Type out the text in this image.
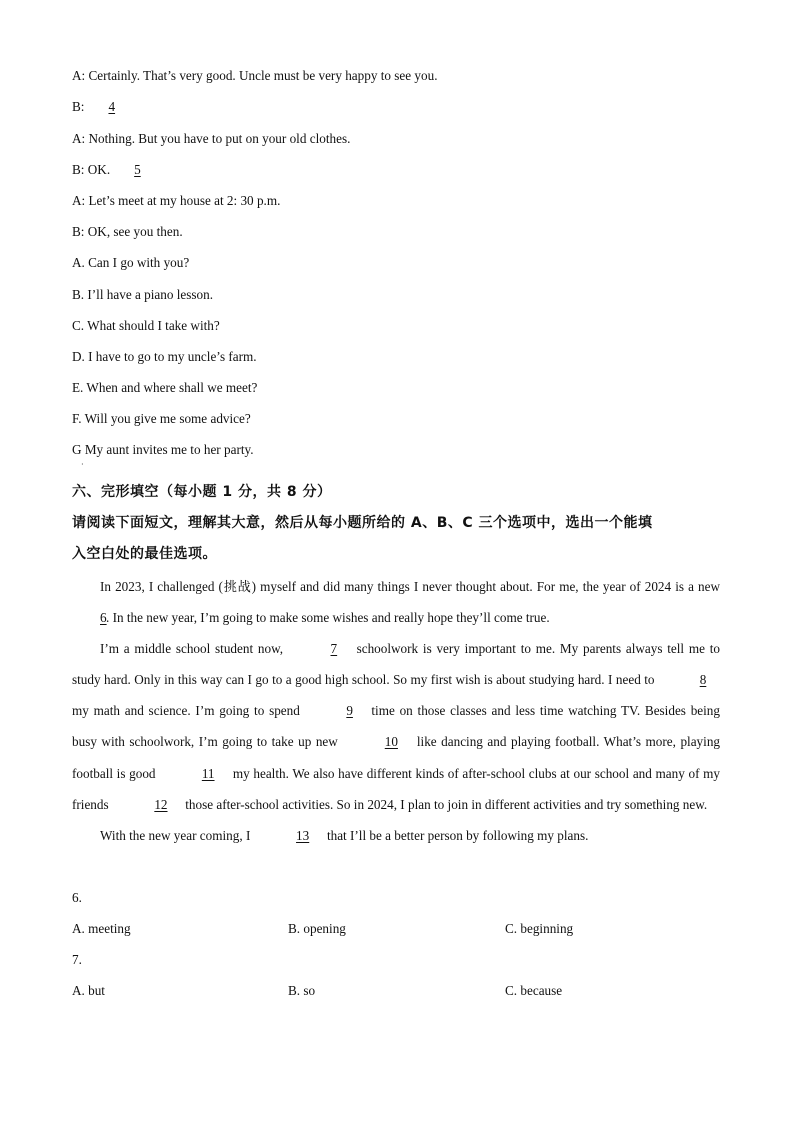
A: Certainly. That’s very good. Uncle must be very happy to see you.
B: 4
A: Nothing. But you have to put on your old clothes.
B: OK. 5
A: Let’s meet at my house at 2: 30 p.m.
B: OK, see you then.
A. Can I go with you?
B. I’ll have a piano lesson.
C. What should I take with?
D. I have to go to my uncle’s farm.
E. When and where shall we meet?
F. Will you give me some advice?
G My aunt invites me to her party.
·
六、完形填空（每小题 1 分，共 8 分）
请阅读下面短文，理解其大意，然后从每小题所给的 A、B、C 三个选项中，选出一个能填
入空白处的最佳选项。

In 2023, I challenged (挑战) myself and did many things I never thought about. For me, the year of 2024 is a new 6. In the new year, I’m going to make some wishes and really hope they’ll come true.

I’m a middle school student now,	7 schoolwork is very important to me. My parents always tell me to study hard. Only in this way can I go to a good high school. So my first wish is about studying hard. I need to	8 my math and science. I’m going to spend	9 time on those classes and less time watching TV. Besides being busy with schoolwork, I’m going to take up new	10 like dancing and playing football. What’s more, playing football is good	11 my health. We also have different kinds of after-school clubs at our school and many of my friends	12 those after-school activities. So in 2024, I plan to join in different activities and try something new.

With the new year coming, I	13 that I’ll be a better person by following my plans.

6.
A. meeting	B. opening	C. beginning
7.
A. but	B. so	C. because
